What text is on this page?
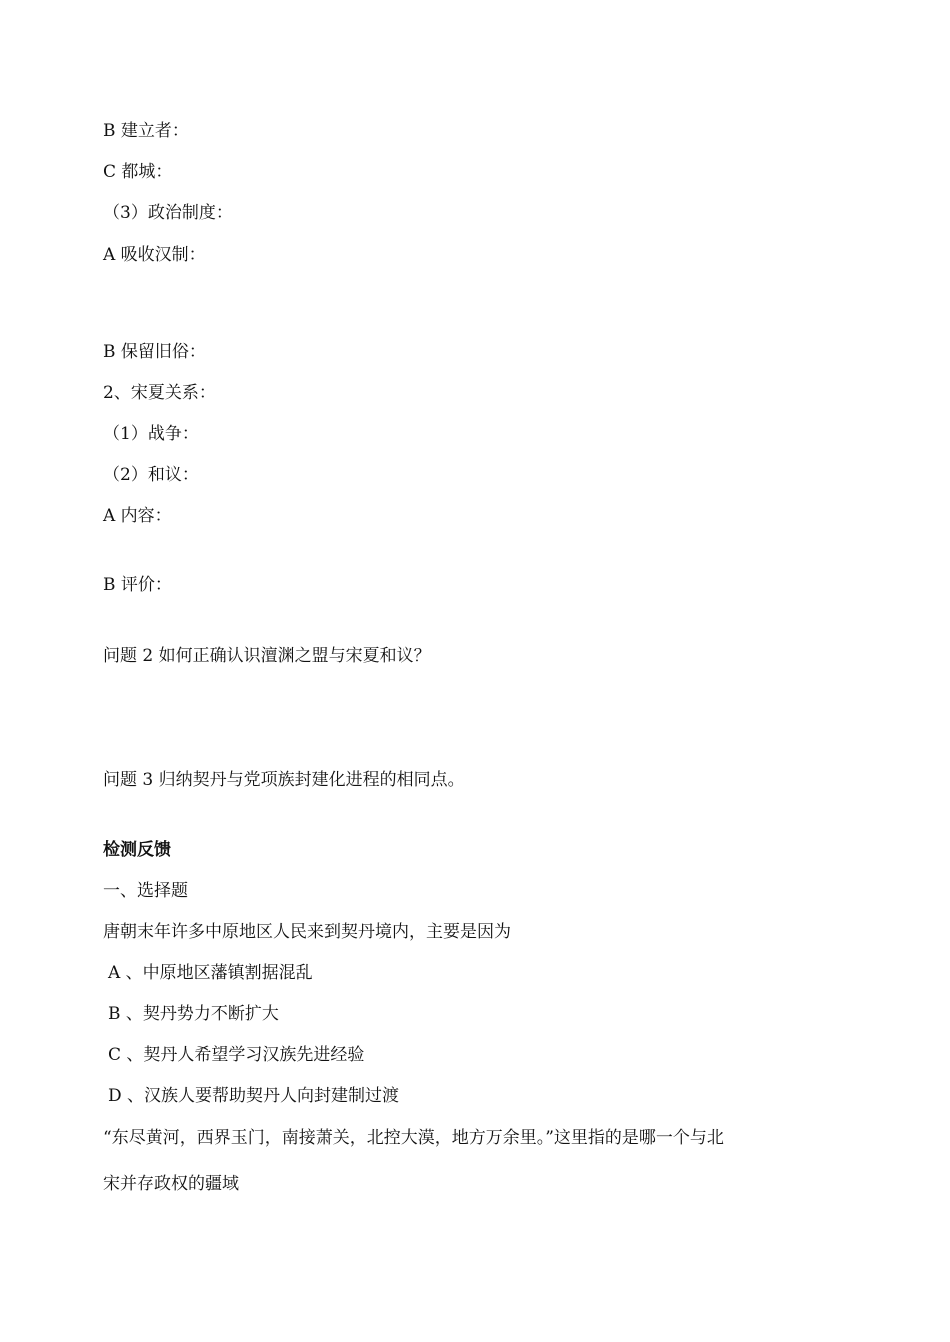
B 建立者：
C 都城：
（3）政治制度：
A 吸收汉制：
B 保留旧俗：
2、宋夏关系：
（1）战争：
（2）和议：
A 内容：
B 评价：
问题 2 如何正确认识澶渊之盟与宋夏和议？
问题 3 归纳契丹与党项族封建化进程的相同点。
检测反馈
一、选择题
唐朝末年许多中原地区人民来到契丹境内，主要是因为
A 、中原地区藩镇割据混乱
B 、契丹势力不断扩大
C 、契丹人希望学习汉族先进经验
D 、汉族人要帮助契丹人向封建制过渡
“东尽黄河，西界玉门，南接萧关，北控大漠，地方万余里。”这里指的是哪一个与北
宋并存政权的疆域
